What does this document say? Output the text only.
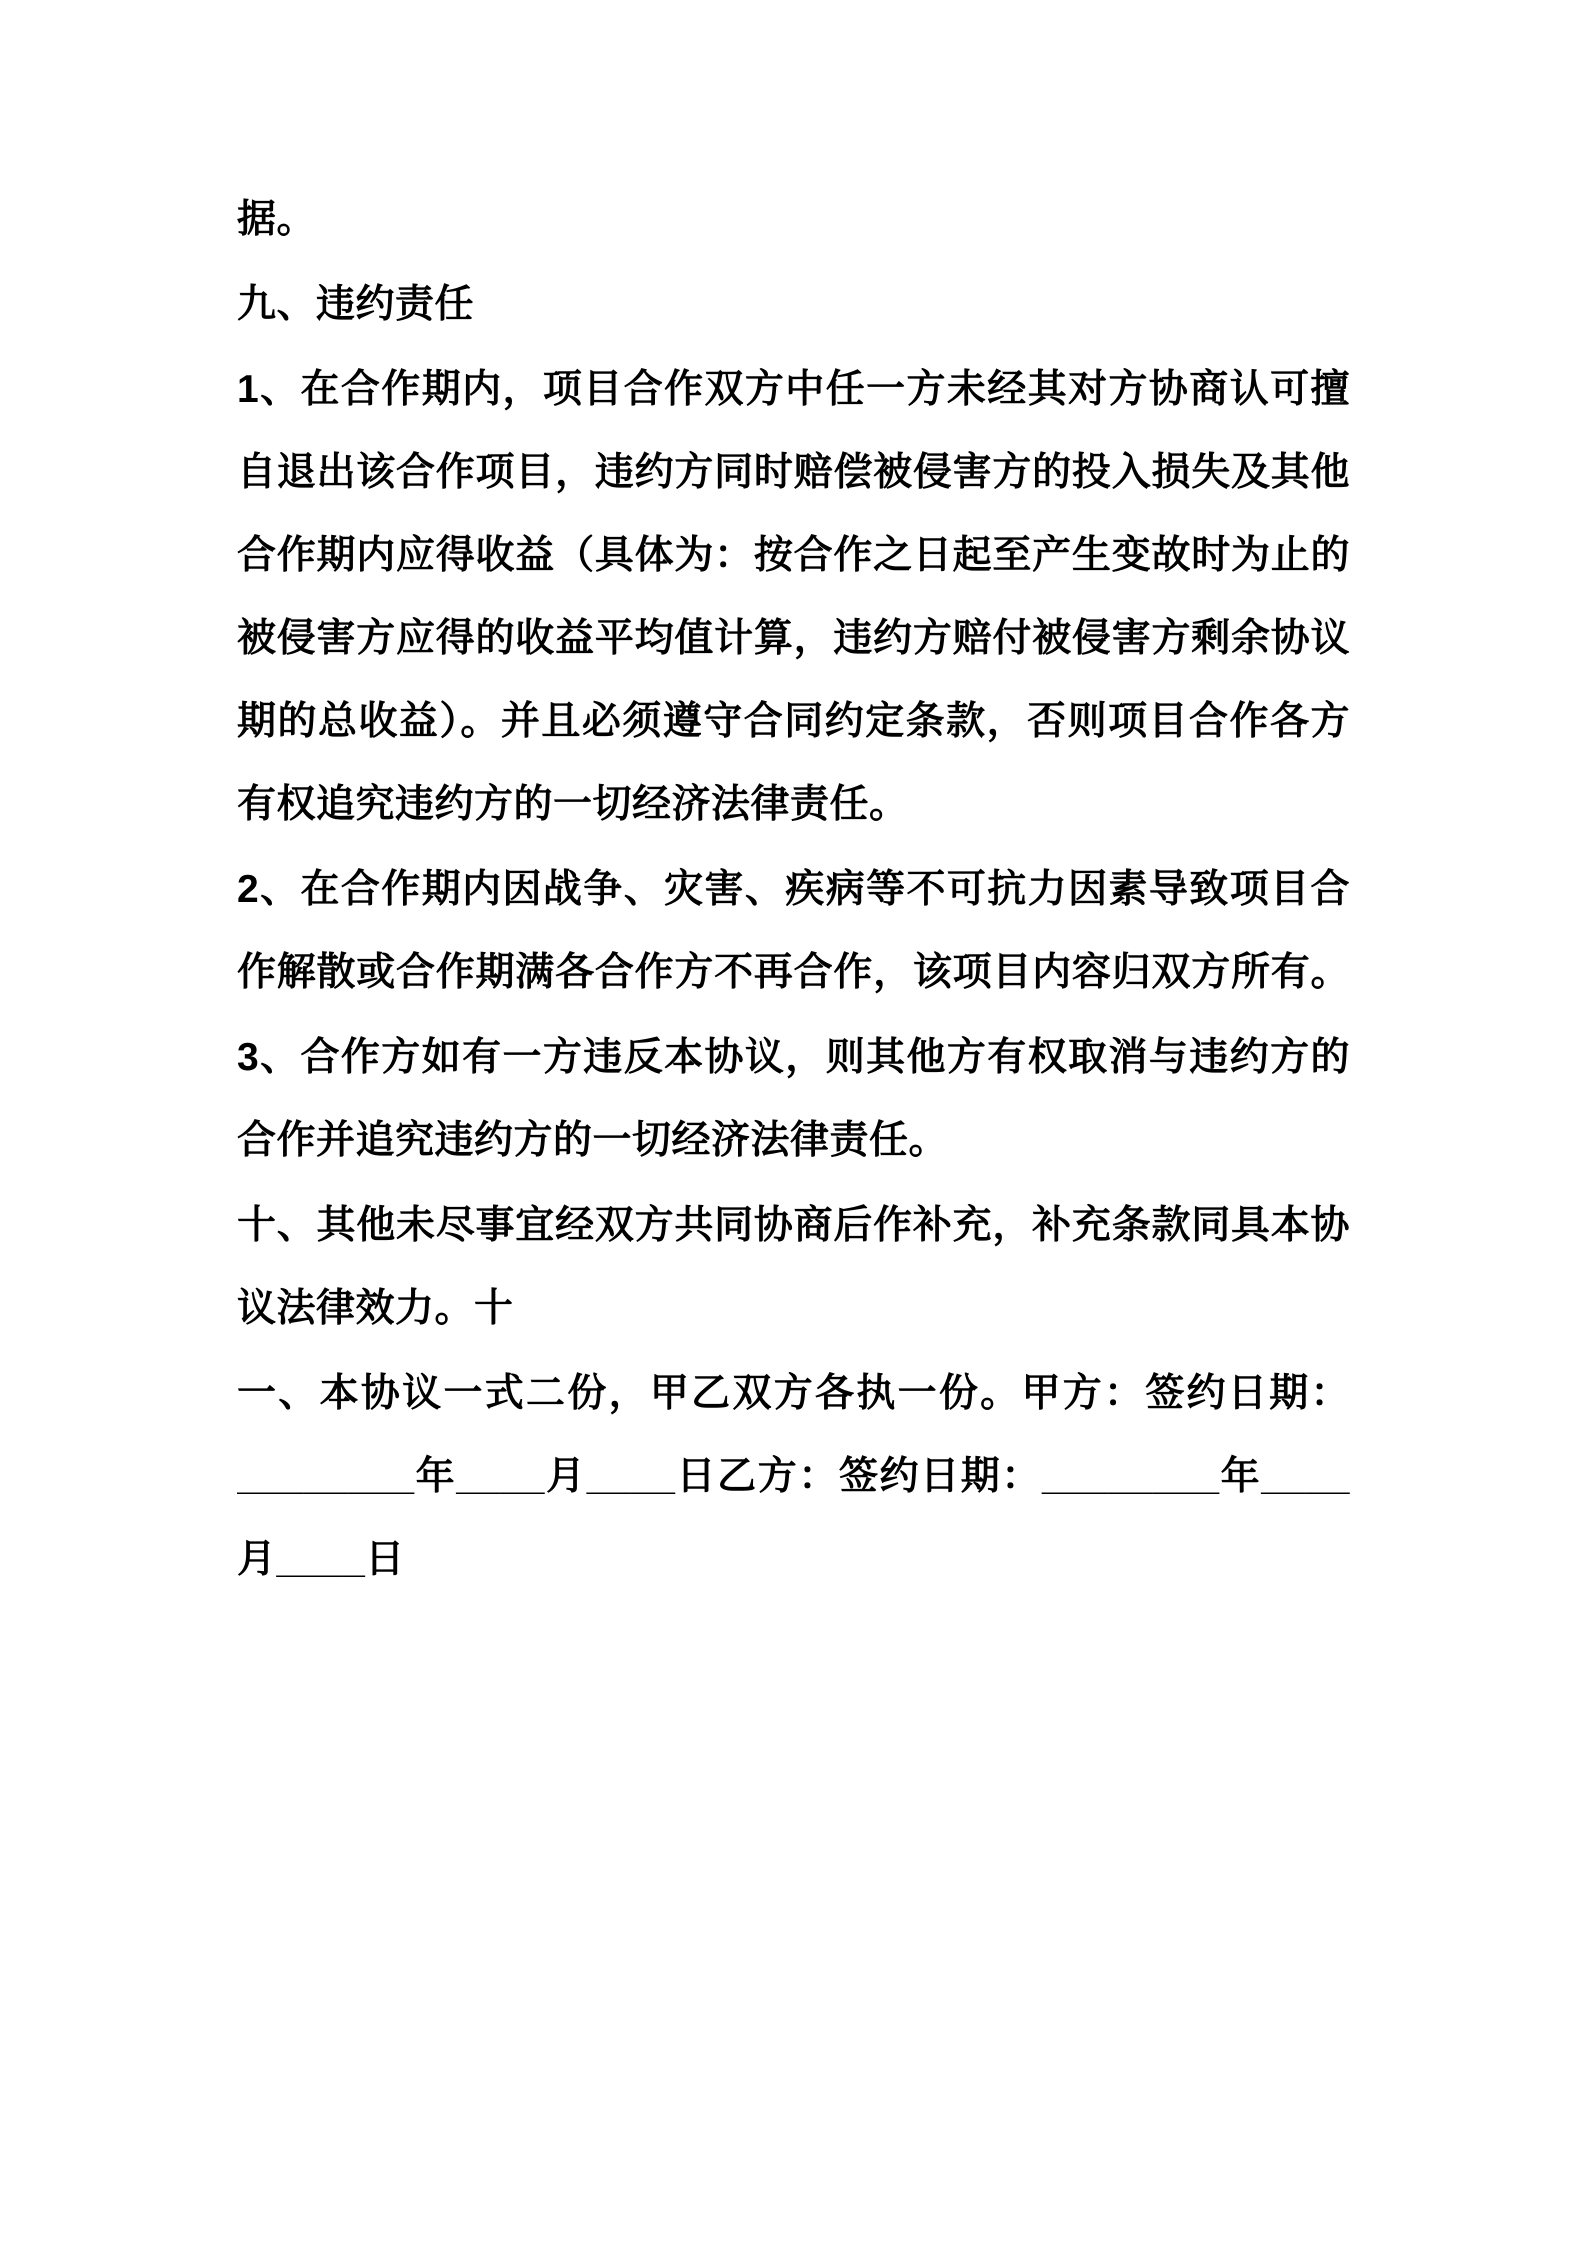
据。
九、违约责任
1、在合作期内，项目合作双方中任一方未经其对方协商认可擅
自退出该合作项目，违约方同时赔偿被侵害方的投入损失及其他
合作期内应得收益（具体为：按合作之日起至产生变故时为止的
被侵害方应得的收益平均值计算，违约方赔付被侵害方剩余协议
期的总收益）。并且必须遵守合同约定条款，否则项目合作各方
有权追究违约方的一切经济法律责任。
2、在合作期内因战争、灾害、疾病等不可抗力因素导致项目合
作解散或合作期满各合作方不再合作，该项目内容归双方所有。
3、合作方如有一方违反本协议，则其他方有权取消与违约方的
合作并追究违约方的一切经济法律责任。
十、其他未尽事宜经双方共同协商后作补充，补充条款同具本协
议法律效力。十
一、本协议一式二份，甲乙双方各执一份。甲方：签约日期：
________年____月____日乙方：签约日期：________年____
月____日
